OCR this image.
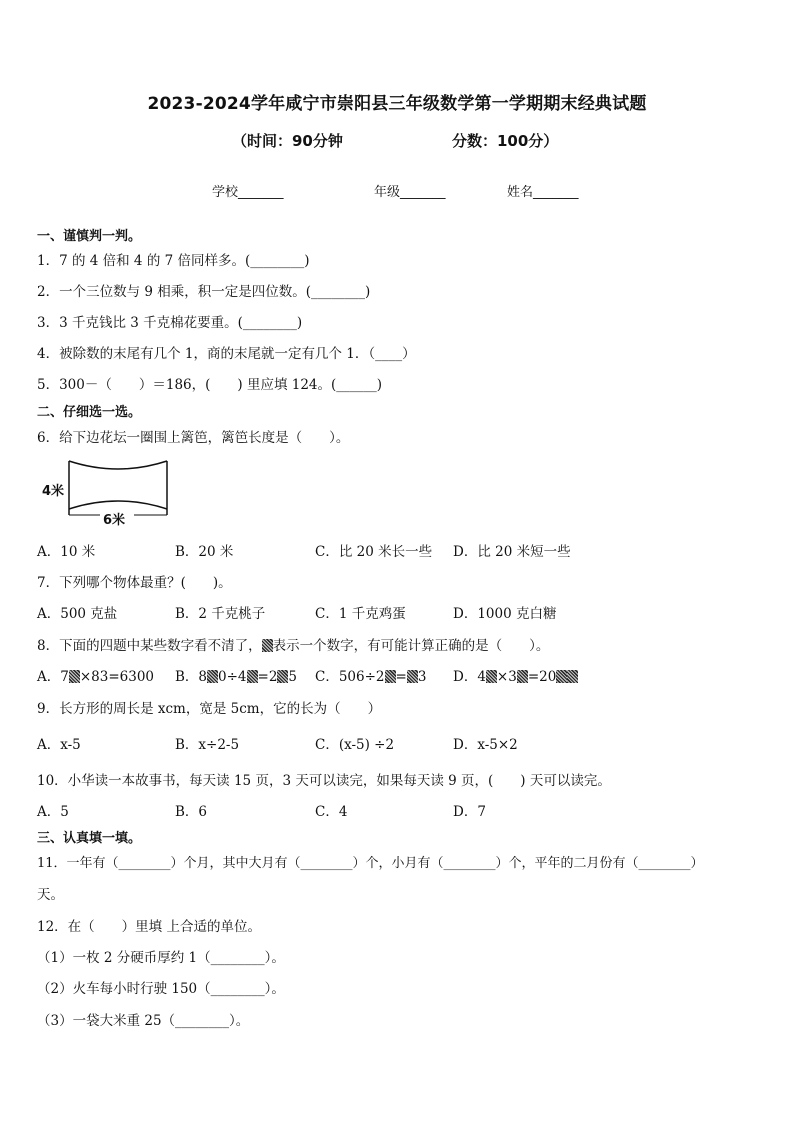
2023-2024学年咸宁市崇阳县三年级数学第一学期期末经典试题
（时间：90分钟	分数：100分）
学校_______	年级_______	姓名_______
一、谨慎判一判。
1．7 的 4 倍和 4 的 7 倍同样多。(________)
2．一个三位数与 9 相乘，积一定是四位数。(________)
3．3 千克钱比 3 千克棉花要重。(________)
4．被除数的末尾有几个 1，商的末尾就一定有几个 1．（____）
5．300－（　　）＝186，(　　) 里应填 124。(______)
二、仔细选一选。
6．给下边花坛一圈围上篱笆，篱笆长度是（　　）。
4米
6米
A．10 米	B．20 米	C．比 20 米长一些 D．比 20 米短一些
7．下列哪个物体最重？(　　)。
A．500 克盐	B．2 千克桃子	C．1 千克鸡蛋	D．1000 克白糖
8．下面的四题中某些数字看不清了， 表示一个数字，有可能计算正确的是（　　）。
A．7 ×83=6300 B．8 0÷4 =2 5 C．506÷2 = 3 D．4 ×3 =20
9．长方形的周长是 xcm，宽是 5cm，它的长为（　　）
A．x-5	B．x÷2-5	C．(x-5) ÷2	D．x-5×2
10．小华读一本故事书，每天读 15 页，3 天可以读完，如果每天读 9 页，(　　) 天可以读完。
A．5	B．6	C．4	D．7
三、认真填一填。
11．一年有（________）个月，其中大月有（________）个，小月有（________）个，平年的二月份有（________）
天。
12．在（　　）里填 上合适的单位。
（1）一枚 2 分硬币厚约 1（________）。
（2）火车每小时行驶 150（________）。
（3）一袋大米重 25（________）。
